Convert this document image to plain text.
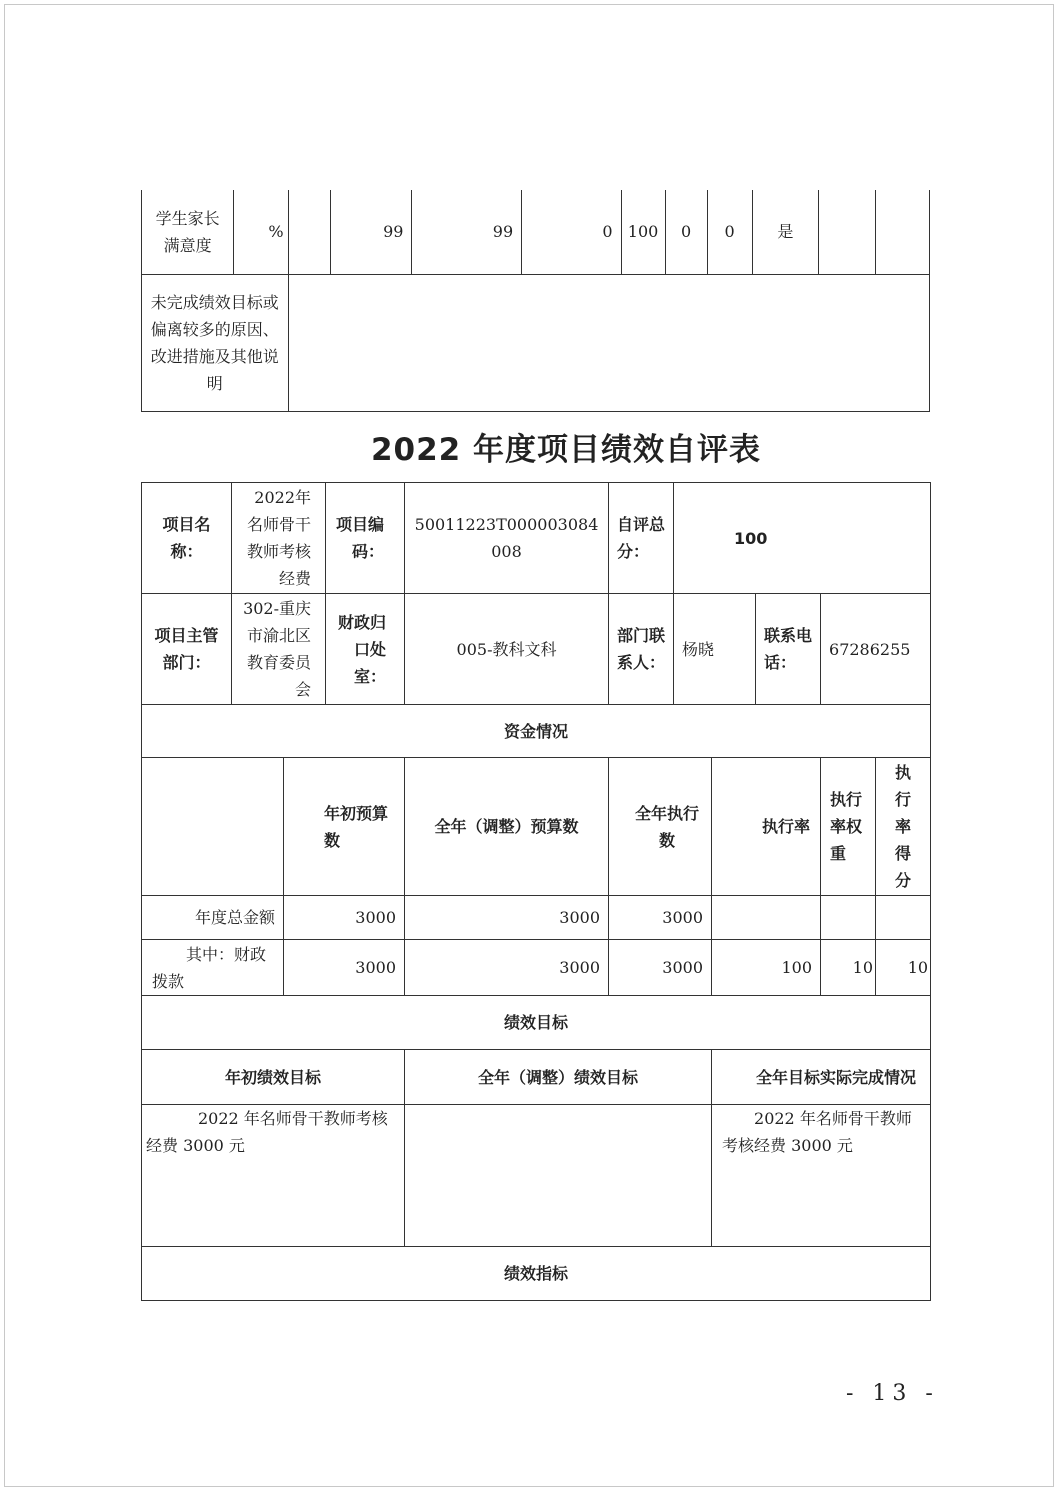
学生家长满意度	%		99	99	0	100	0	0	是		
未完成绩效目标或偏离较多的原因、改进措施及其他说明											
2022 年度项目绩效自评表
项目名称：	2022年名师骨干教师考核经费		项目编码：	50011223T000003084008	自评总分：	100				
项目主管部门：	302-重庆市渝北区教育委员会		财政归口处室：	005-教科文科	部门联系人：	杨晓		联系电话：	67286255	
资金情况										
		年初预算数		全年（调整）预算数	全年执行数		执行率		执行率权重	执行率得分
年度总金额		3000		3000	3000					
其中：财政拨款		3000		3000	3000		100		10	10
绩效目标										
年初绩效目标				全年（调整）绩效目标			全年目标实际完成情况			
2022 年名师骨干教师考核经费 3000 元							2022 年名师骨干教师考核经费 3000 元			
绩效指标										
- 13 -
